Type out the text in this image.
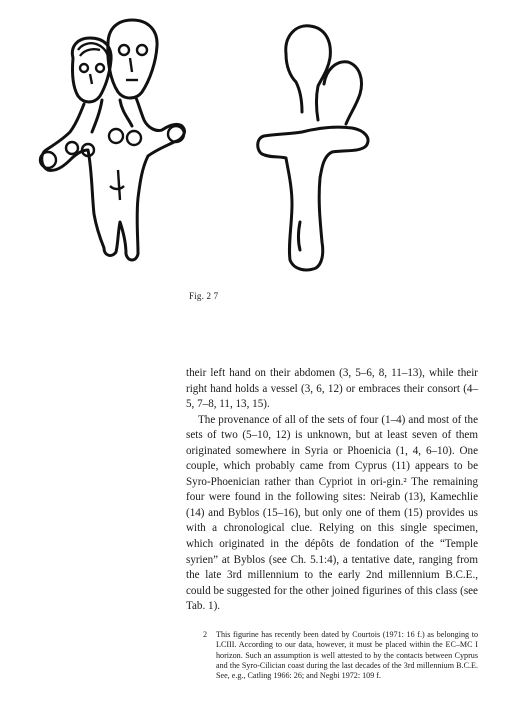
Fig. 2 7

their left hand on their abdomen (3, 5–6, 8, 11–13), while their right hand holds a vessel (3, 6, 12) or embraces their consort (4–5, 7–8, 11, 13, 15).

The provenance of all of the sets of four (1–4) and most of the sets of two (5–10, 12) is unknown, but at least seven of them originated somewhere in Syria or Phoenicia (1, 4, 6–10). One couple, which probably came from Cyprus (11) appears to be Syro-Phoenician rather than Cypriot in ori-gin.² The remaining four were found in the following sites: Neirab (13), Kamechlie (14) and Byblos (15–16), but only one of them (15) provides us with a chronological clue. Relying on this single specimen, which originated in the dépôts de fondation of the “Temple syrien” at Byblos (see Ch. 5.1:4), a tentative date, ranging from the late 3rd millennium to the early 2nd millennium B.C.E., could be suggested for the other joined figurines of this class (see Tab. 1).

2	This figurine has recently been dated by Courtois (1971: 16 f.) as belonging to LCIII. According to our data, however, it must be placed within the EC–MC I horizon. Such an assumption is well attested to by the contacts between Cyprus and the Syro-Cilician coast during the last decades of the 3rd millennium B.C.E. See, e.g., Catling 1966: 26; and Negbi 1972: 109 f.
